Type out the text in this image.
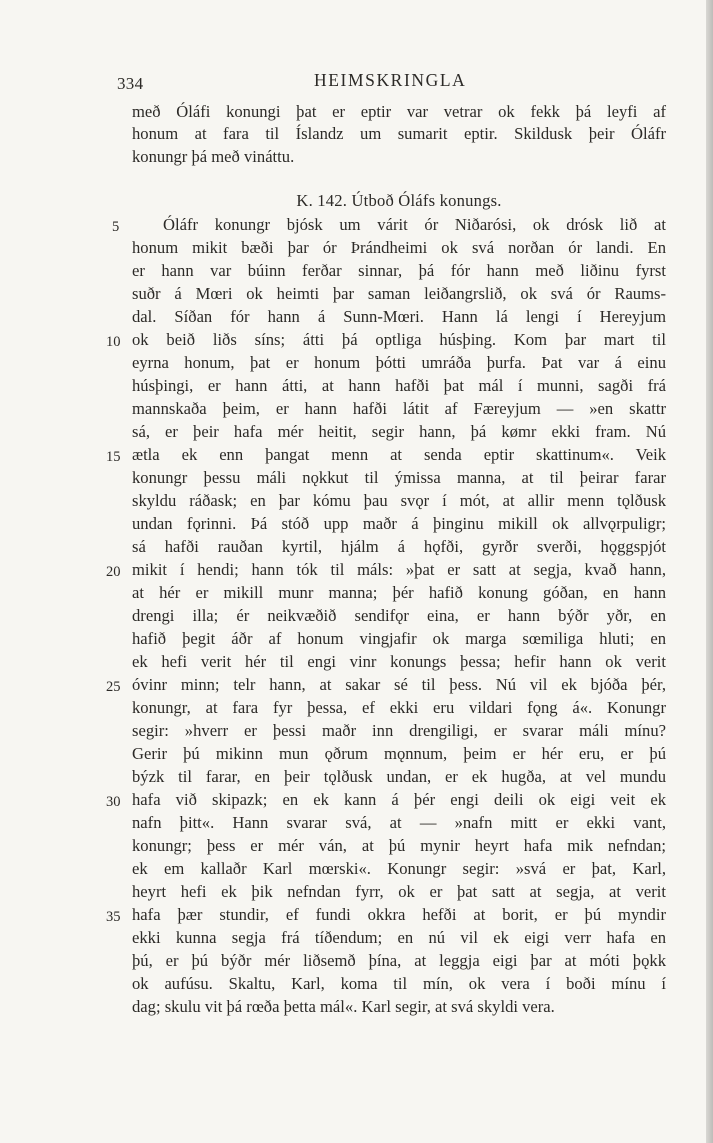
334	HEIMSKRINGLA
með Óláfi konungi þat er eptir var vetrar ok fekk þá leyfi af
honum at fara til Íslandz um sumarit eptir. Skildusk þeir Óláfr
konungr þá með vináttu.
K. 142. Útboð Óláfs konungs.
Óláfr konungr bjósk um várit ór Niðarósi, ok drósk lið at
honum mikit bæði þar ór Þrándheimi ok svá norðan ór landi. En
er hann var búinn ferðar sinnar, þá fór hann með liðinu fyrst
suðr á Mœri ok heimti þar saman leiðangrslið, ok svá ór Raums-
dal. Síðan fór hann á Sunn-Mœri. Hann lá lengi í Hereyjum
ok beið liðs síns; átti þá optliga húsþing. Kom þar mart til
eyrna honum, þat er honum þótti umráða þurfa. Þat var á einu
húsþingi, er hann átti, at hann hafði þat mál í munni, sagði frá
mannskaða þeim, er hann hafði látit af Færeyjum — »en skattr
sá, er þeir hafa mér heitit, segir hann, þá kømr ekki fram. Nú
ætla ek enn þangat menn at senda eptir skattinum«. Veik
konungr þessu máli nǫkkut til ýmissa manna, at til þeirar farar
skyldu ráðask; en þar kómu þau svǫr í mót, at allir menn tǫlðusk
undan fǫrinni. Þá stóð upp maðr á þinginu mikill ok allvǫrpuligr;
sá hafði rauðan kyrtil, hjálm á hǫfði, gyrðr sverði, hǫggspjót
mikit í hendi; hann tók til máls: »þat er satt at segja, kvað hann,
at hér er mikill munr manna; þér hafið konung góðan, en hann
drengi illa; ér neikvæðið sendifǫr eina, er hann býðr yðr, en
hafið þegit áðr af honum vingjafir ok marga sœmiliga hluti; en
ek hefi verit hér til engi vinr konungs þessa; hefir hann ok verit
óvinr minn; telr hann, at sakar sé til þess. Nú vil ek bjóða þér,
konungr, at fara fyr þessa, ef ekki eru vildari fǫng á«. Konungr
segir: »hverr er þessi maðr inn drengiligi, er svarar máli mínu?
Gerir þú mikinn mun ǫðrum mǫnnum, þeim er hér eru, er þú
býzk til farar, en þeir tǫlðusk undan, er ek hugða, at vel mundu
hafa við skipazk; en ek kann á þér engi deili ok eigi veit ek
nafn þitt«. Hann svarar svá, at — »nafn mitt er ekki vant,
konungr; þess er mér ván, at þú mynir heyrt hafa mik nefndan;
ek em kallaðr Karl mœrski«. Konungr segir: »svá er þat, Karl,
heyrt hefi ek þik nefndan fyrr, ok er þat satt at segja, at verit
hafa þær stundir, ef fundi okkra hefði at borit, er þú myndir
ekki kunna segja frá tíðendum; en nú vil ek eigi verr hafa en
þú, er þú býðr mér liðsemð þína, at leggja eigi þar at móti þǫkk
ok aufúsu. Skaltu, Karl, koma til mín, ok vera í boði mínu í
dag; skulu vit þá rœða þetta mál«. Karl segir, at svá skyldi vera.
5
10
15
20
25
30
35
